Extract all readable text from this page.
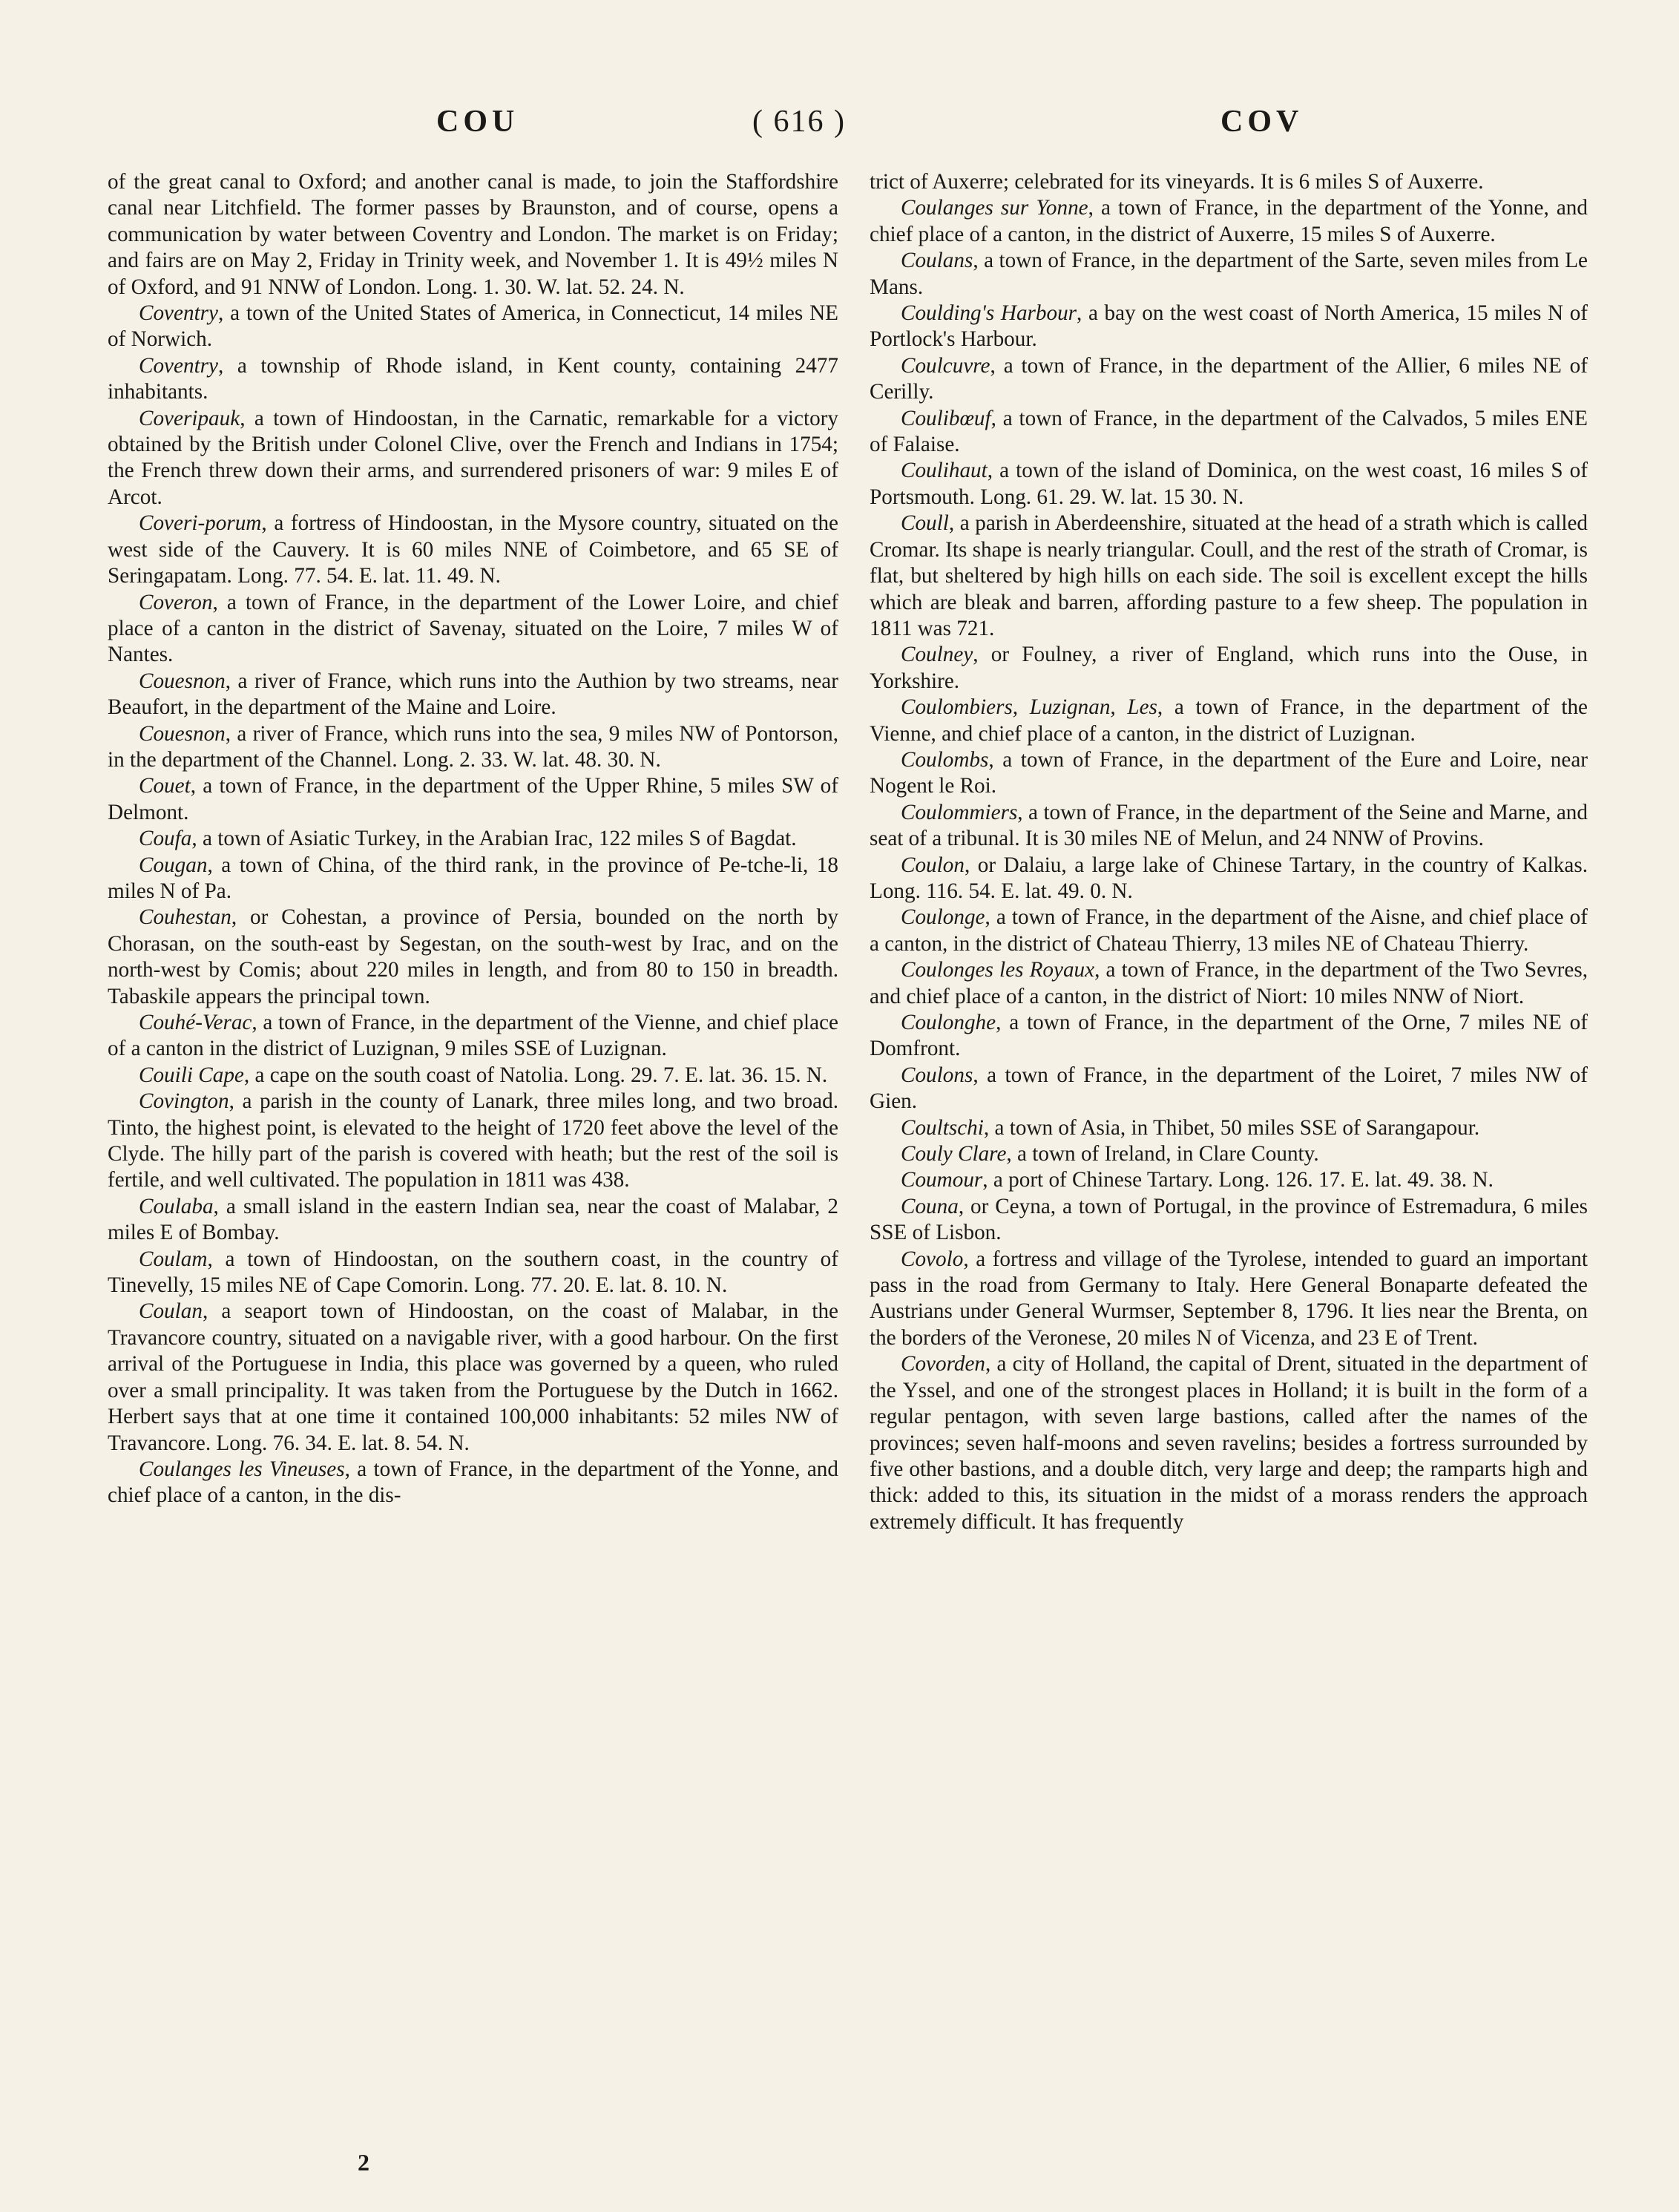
COU	( 616 )	COV

of the great canal to Oxford; and another canal is made, to join the Staffordshire canal near Litchfield. The former passes by Braunston, and of course, opens a communication by water between Coventry and London. The market is on Friday; and fairs are on May 2, Friday in Trinity week, and November 1. It is 49½ miles N of Oxford, and 91 NNW of London. Long. 1. 30. W. lat. 52. 24. N.

Coventry, a town of the United States of America, in Connecticut, 14 miles NE of Norwich.

Coventry, a township of Rhode island, in Kent county, containing 2477 inhabitants.

Coveripauk, a town of Hindoostan, in the Carnatic, remarkable for a victory obtained by the British under Colonel Clive, over the French and Indians in 1754; the French threw down their arms, and surrendered prisoners of war: 9 miles E of Arcot.

Coveri-porum, a fortress of Hindoostan, in the Mysore country, situated on the west side of the Cauvery. It is 60 miles NNE of Coimbetore, and 65 SE of Seringapatam. Long. 77. 54. E. lat. 11. 49. N.

Coveron, a town of France, in the department of the Lower Loire, and chief place of a canton in the district of Savenay, situated on the Loire, 7 miles W of Nantes.

Couesnon, a river of France, which runs into the Authion by two streams, near Beaufort, in the department of the Maine and Loire.

Couesnon, a river of France, which runs into the sea, 9 miles NW of Pontorson, in the department of the Channel. Long. 2. 33. W. lat. 48. 30. N.

Couet, a town of France, in the department of the Upper Rhine, 5 miles SW of Delmont.

Coufa, a town of Asiatic Turkey, in the Arabian Irac, 122 miles S of Bagdat.

Cougan, a town of China, of the third rank, in the province of Pe-tche-li, 18 miles N of Pa.

Couhestan, or Cohestan, a province of Persia, bounded on the north by Chorasan, on the south-east by Segestan, on the south-west by Irac, and on the north-west by Comis; about 220 miles in length, and from 80 to 150 in breadth. Tabaskile appears the principal town.

Couhé-Verac, a town of France, in the department of the Vienne, and chief place of a canton in the district of Luzignan, 9 miles SSE of Luzignan.

Couili Cape, a cape on the south coast of Natolia. Long. 29. 7. E. lat. 36. 15. N.

Covington, a parish in the county of Lanark, three miles long, and two broad. Tinto, the highest point, is elevated to the height of 1720 feet above the level of the Clyde. The hilly part of the parish is covered with heath; but the rest of the soil is fertile, and well cultivated. The population in 1811 was 438.

Coulaba, a small island in the eastern Indian sea, near the coast of Malabar, 2 miles E of Bombay.

Coulam, a town of Hindoostan, on the southern coast, in the country of Tinevelly, 15 miles NE of Cape Comorin. Long. 77. 20. E. lat. 8. 10. N.

Coulan, a seaport town of Hindoostan, on the coast of Malabar, in the Travancore country, situated on a navigable river, with a good harbour. On the first arrival of the Portuguese in India, this place was governed by a queen, who ruled over a small principality. It was taken from the Portuguese by the Dutch in 1662. Herbert says that at one time it contained 100,000 inhabitants: 52 miles NW of Travancore. Long. 76. 34. E. lat. 8. 54. N.

Coulanges les Vineuses, a town of France, in the department of the Yonne, and chief place of a canton, in the dis-

trict of Auxerre; celebrated for its vineyards. It is 6 miles S of Auxerre.

Coulanges sur Yonne, a town of France, in the department of the Yonne, and chief place of a canton, in the district of Auxerre, 15 miles S of Auxerre.

Coulans, a town of France, in the department of the Sarte, seven miles from Le Mans.

Coulding's Harbour, a bay on the west coast of North America, 15 miles N of Portlock's Harbour.

Coulcuvre, a town of France, in the department of the Allier, 6 miles NE of Cerilly.

Coulibœuf, a town of France, in the department of the Calvados, 5 miles ENE of Falaise.

Coulihaut, a town of the island of Dominica, on the west coast, 16 miles S of Portsmouth. Long. 61. 29. W. lat. 15 30. N.

Coull, a parish in Aberdeenshire, situated at the head of a strath which is called Cromar. Its shape is nearly triangular. Coull, and the rest of the strath of Cromar, is flat, but sheltered by high hills on each side. The soil is excellent except the hills which are bleak and barren, affording pasture to a few sheep. The population in 1811 was 721.

Coulney, or Foulney, a river of England, which runs into the Ouse, in Yorkshire.

Coulombiers, Luzignan, Les, a town of France, in the department of the Vienne, and chief place of a canton, in the district of Luzignan.

Coulombs, a town of France, in the department of the Eure and Loire, near Nogent le Roi.

Coulommiers, a town of France, in the department of the Seine and Marne, and seat of a tribunal. It is 30 miles NE of Melun, and 24 NNW of Provins.

Coulon, or Dalaiu, a large lake of Chinese Tartary, in the country of Kalkas. Long. 116. 54. E. lat. 49. 0. N.

Coulonge, a town of France, in the department of the Aisne, and chief place of a canton, in the district of Chateau Thierry, 13 miles NE of Chateau Thierry.

Coulonges les Royaux, a town of France, in the department of the Two Sevres, and chief place of a canton, in the district of Niort: 10 miles NNW of Niort.

Coulonghe, a town of France, in the department of the Orne, 7 miles NE of Domfront.

Coulons, a town of France, in the department of the Loiret, 7 miles NW of Gien.

Coultschi, a town of Asia, in Thibet, 50 miles SSE of Sarangapour.

Couly Clare, a town of Ireland, in Clare County.

Coumour, a port of Chinese Tartary. Long. 126. 17. E. lat. 49. 38. N.

Couna, or Ceyna, a town of Portugal, in the province of Estremadura, 6 miles SSE of Lisbon.

Covolo, a fortress and village of the Tyrolese, intended to guard an important pass in the road from Germany to Italy. Here General Bonaparte defeated the Austrians under General Wurmser, September 8, 1796. It lies near the Brenta, on the borders of the Veronese, 20 miles N of Vicenza, and 23 E of Trent.

Covorden, a city of Holland, the capital of Drent, situated in the department of the Yssel, and one of the strongest places in Holland; it is built in the form of a regular pentagon, with seven large bastions, called after the names of the provinces; seven half-moons and seven ravelins; besides a fortress surrounded by five other bastions, and a double ditch, very large and deep; the ramparts high and thick: added to this, its situation in the midst of a morass renders the approach extremely difficult. It has frequently

2
